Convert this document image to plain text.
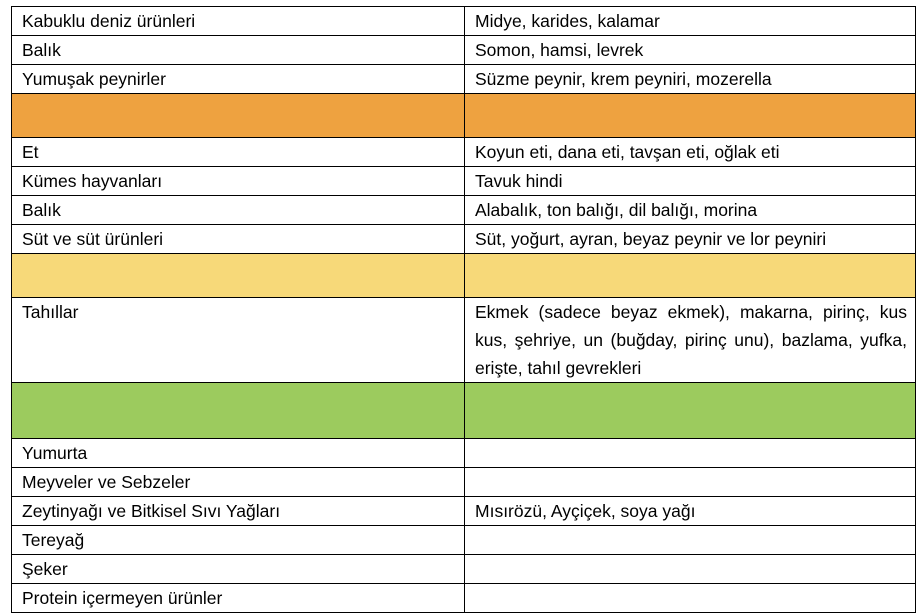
Kabuklu deniz ürünleri	Midye, karides, kalamar
Balık	Somon, hamsi, levrek
Yumuşak peynirler	Süzme peynir, krem peyniri, mozerella

Et	Koyun eti, dana eti, tavşan eti, oğlak eti
Kümes hayvanları	Tavuk hindi
Balık	Alabalık, ton balığı, dil balığı, morina
Süt ve süt ürünleri	Süt, yoğurt, ayran, beyaz peynir ve lor peyniri

Tahıllar	Ekmek (sadece beyaz ekmek), makarna, pirinç, kus kus, şehriye, un (buğday, pirinç unu), bazlama, yufka, erişte, tahıl gevrekleri

Yumurta	
Meyveler ve Sebzeler	
Zeytinyağı ve Bitkisel Sıvı Yağları	Mısırözü, Ayçiçek, soya yağı
Tereyağ	
Şeker	
Protein içermeyen ürünler	
